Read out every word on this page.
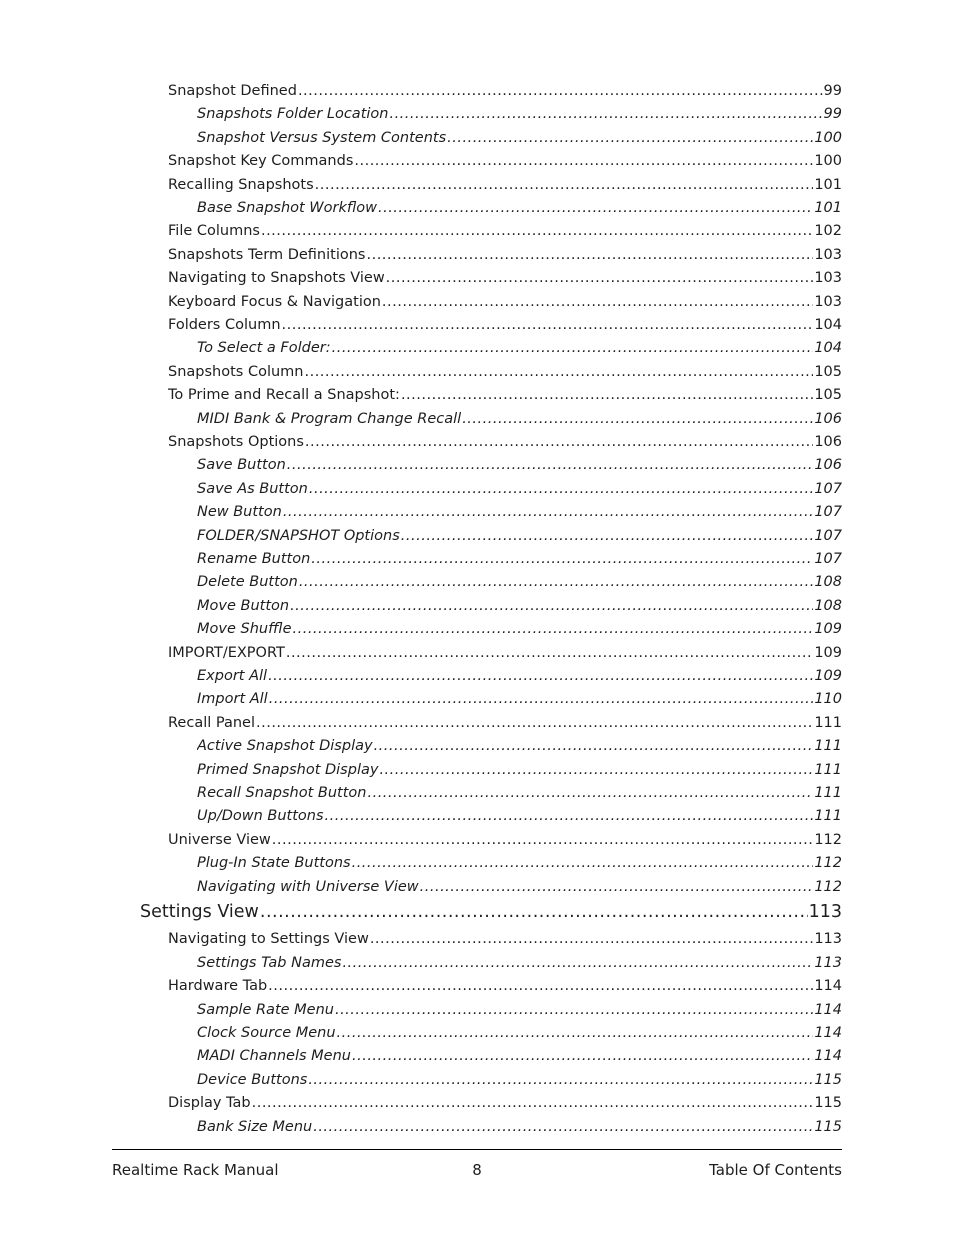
Snapshot Defined .....	99
Snapshots Folder Location .....	99
Snapshot Versus System Contents .....	100
Snapshot Key Commands .....	100
Recalling Snapshots .....	101
Base Snapshot Workflow .....	101
File Columns .....	102
Snapshots Term Definitions .....	103
Navigating to Snapshots View .....	103
Keyboard Focus & Navigation .....	103
Folders Column .....	104
To Select a Folder: .....	104
Snapshots Column .....	105
To Prime and Recall a Snapshot: .....	105
MIDI Bank & Program Change Recall .....	106
Snapshots Options .....	106
Save Button .....	106
Save As Button .....	107
New Button .....	107
FOLDER/SNAPSHOT Options .....	107
Rename Button .....	107
Delete Button .....	108
Move Button .....	108
Move Shuffle .....	109
IMPORT/EXPORT .....	109
Export All .....	109
Import All .....	110
Recall Panel .....	111
Active Snapshot Display .....	111
Primed Snapshot Display .....	111
Recall Snapshot Button .....	111
Up/Down Buttons .....	111
Universe View .....	112
Plug-In State Buttons .....	112
Navigating with Universe View .....	112
Settings View .....	113
Navigating to Settings View .....	113
Settings Tab Names .....	113
Hardware Tab .....	114
Sample Rate Menu .....	114
Clock Source Menu .....	114
MADI Channels Menu .....	114
Device Buttons .....	115
Display Tab .....	115
Bank Size Menu .....	115
Realtime Rack Manual	8	Table Of Contents
